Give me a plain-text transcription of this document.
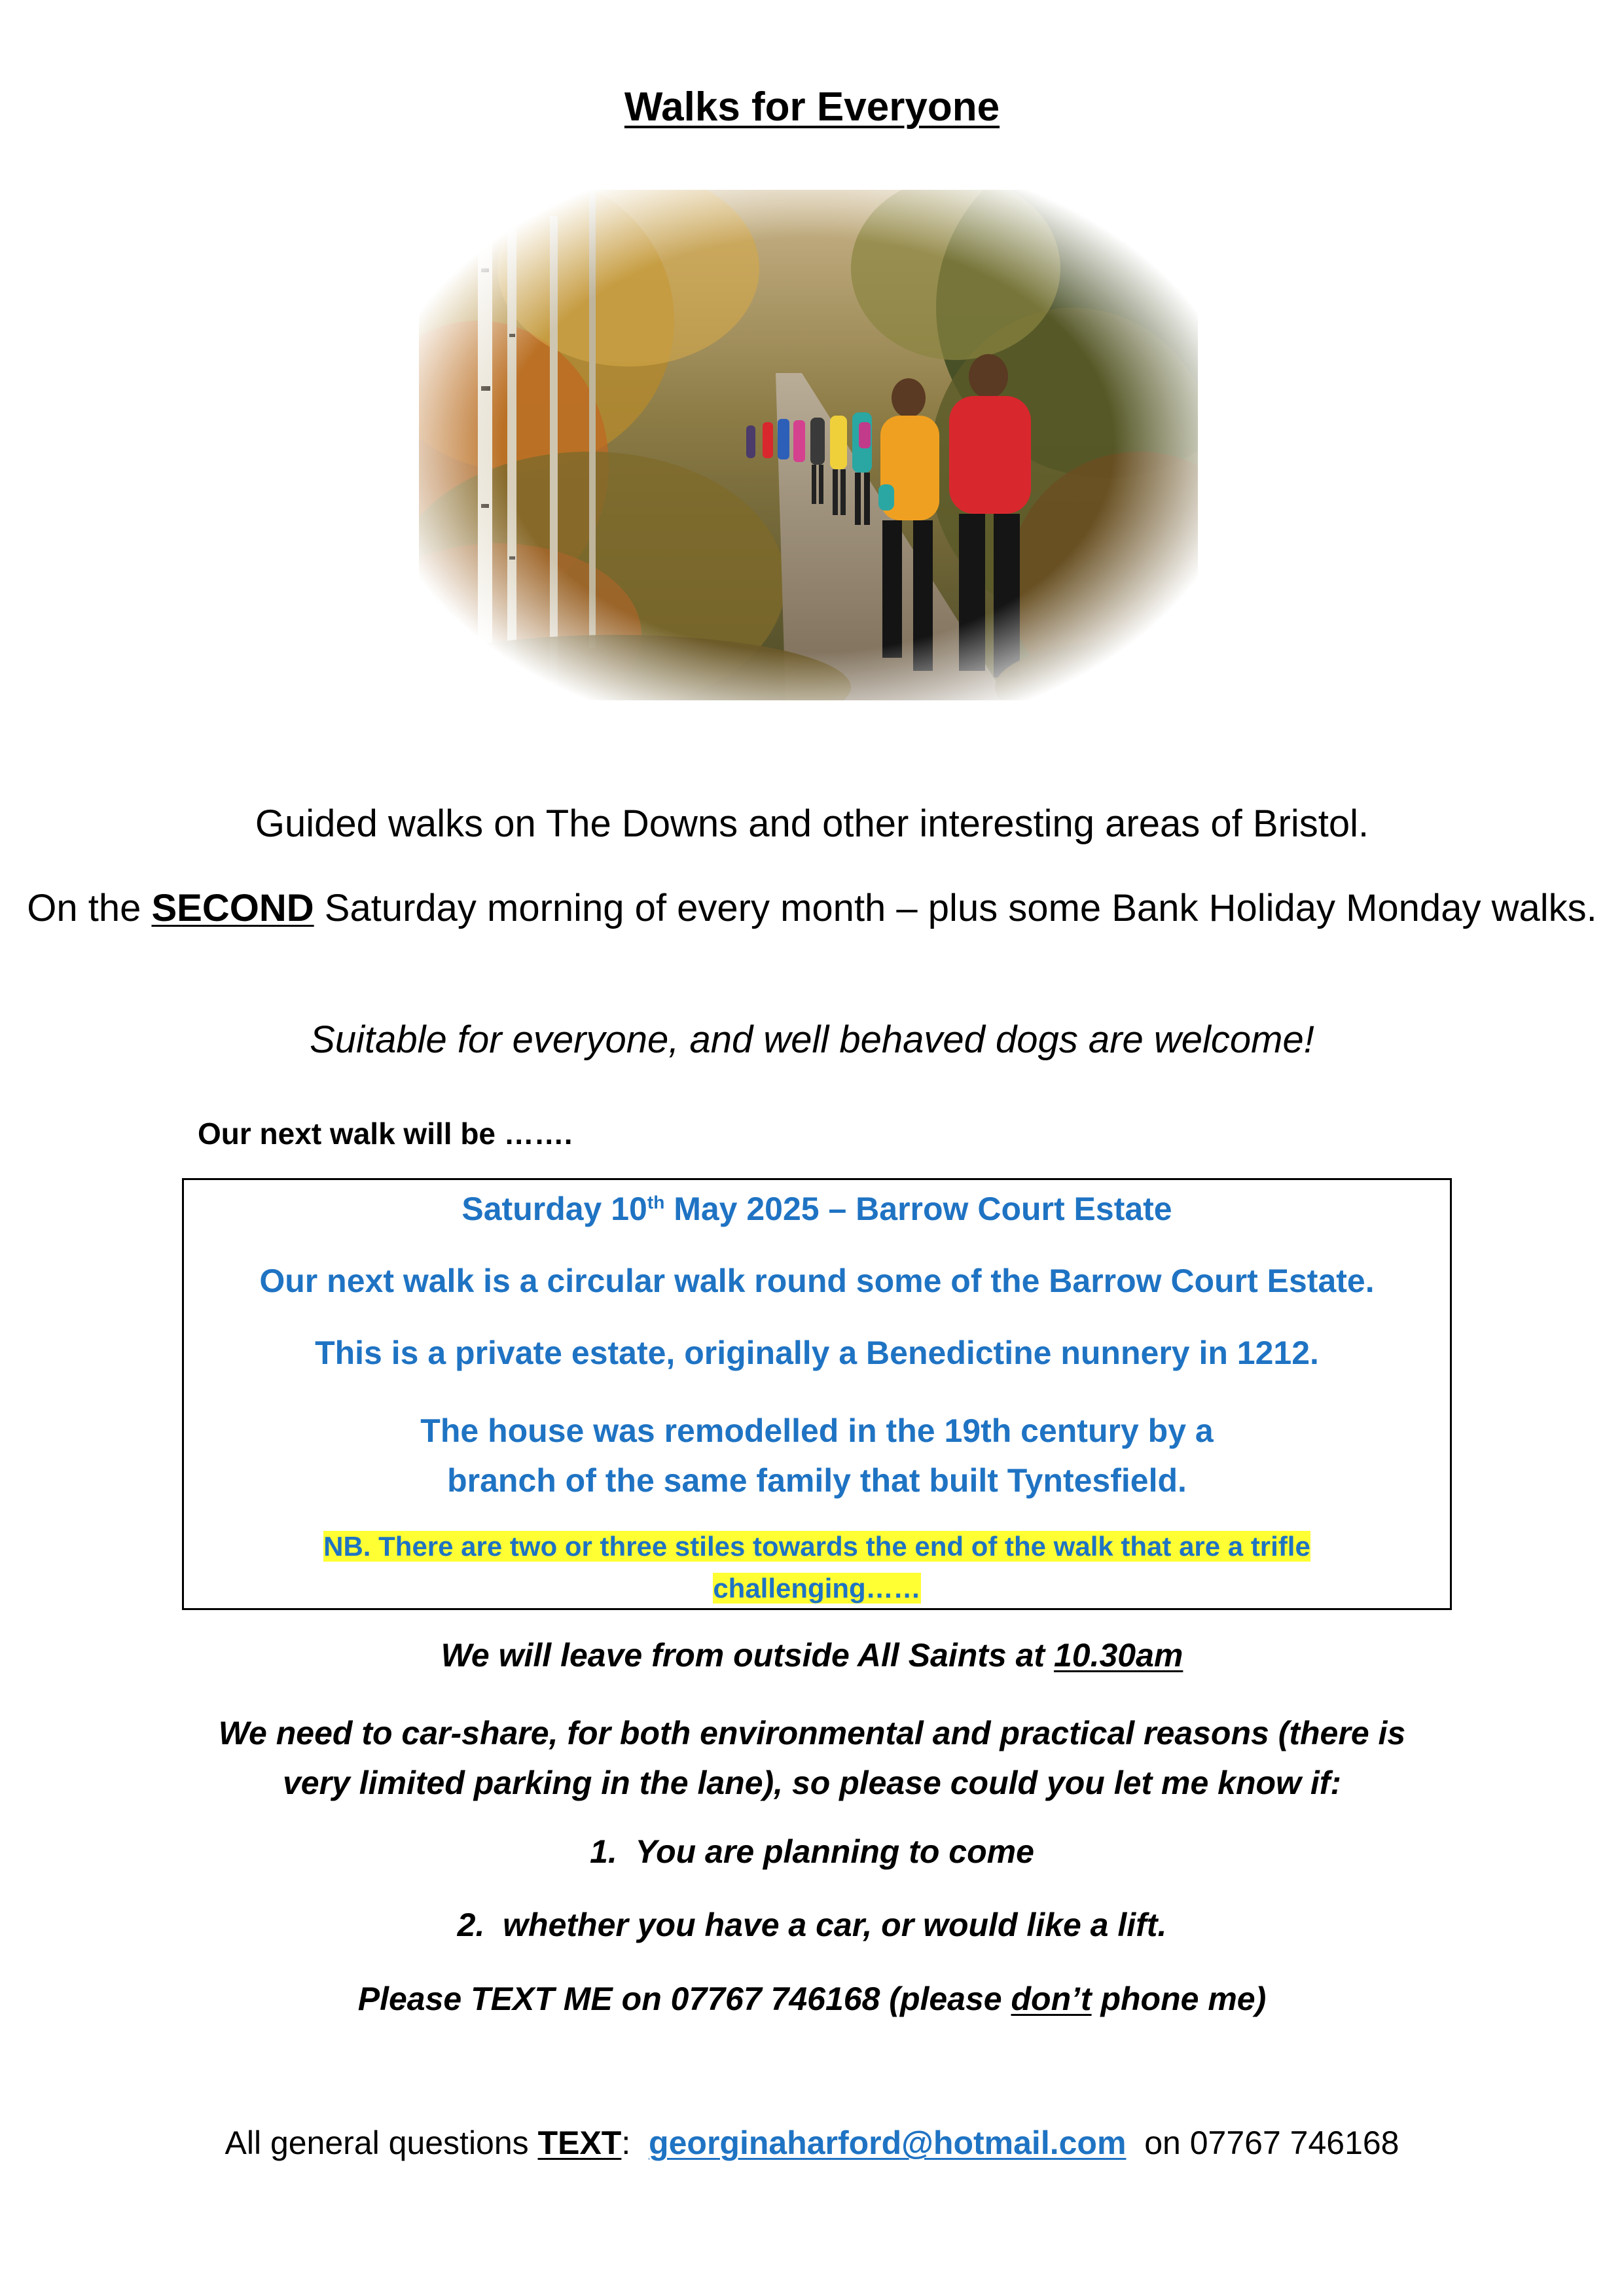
Walks for Everyone
Guided walks on The Downs and other interesting areas of Bristol.
On the SECOND Saturday morning of every month – plus some Bank Holiday Monday walks.
Suitable for everyone, and well behaved dogs are welcome!
Our next walk will be …….
Saturday 10th May 2025 – Barrow Court Estate
Our next walk is a circular walk round some of the Barrow Court Estate.
This is a private estate, originally a Benedictine nunnery in 1212.
The house was remodelled in the 19th century by a branch of the same family that built Tyntesfield.
NB. There are two or three stiles towards the end of the walk that are a trifle
challenging……
We will leave from outside All Saints at 10.30am
We need to car-share, for both environmental and practical reasons (there is very limited parking in the lane), so please could you let me know if:
1. You are planning to come
2. whether you have a car, or would like a lift.
Please TEXT ME on 07767 746168 (please don’t phone me)
All general questions TEXT:  georginaharford@hotmail.com  on 07767 746168
